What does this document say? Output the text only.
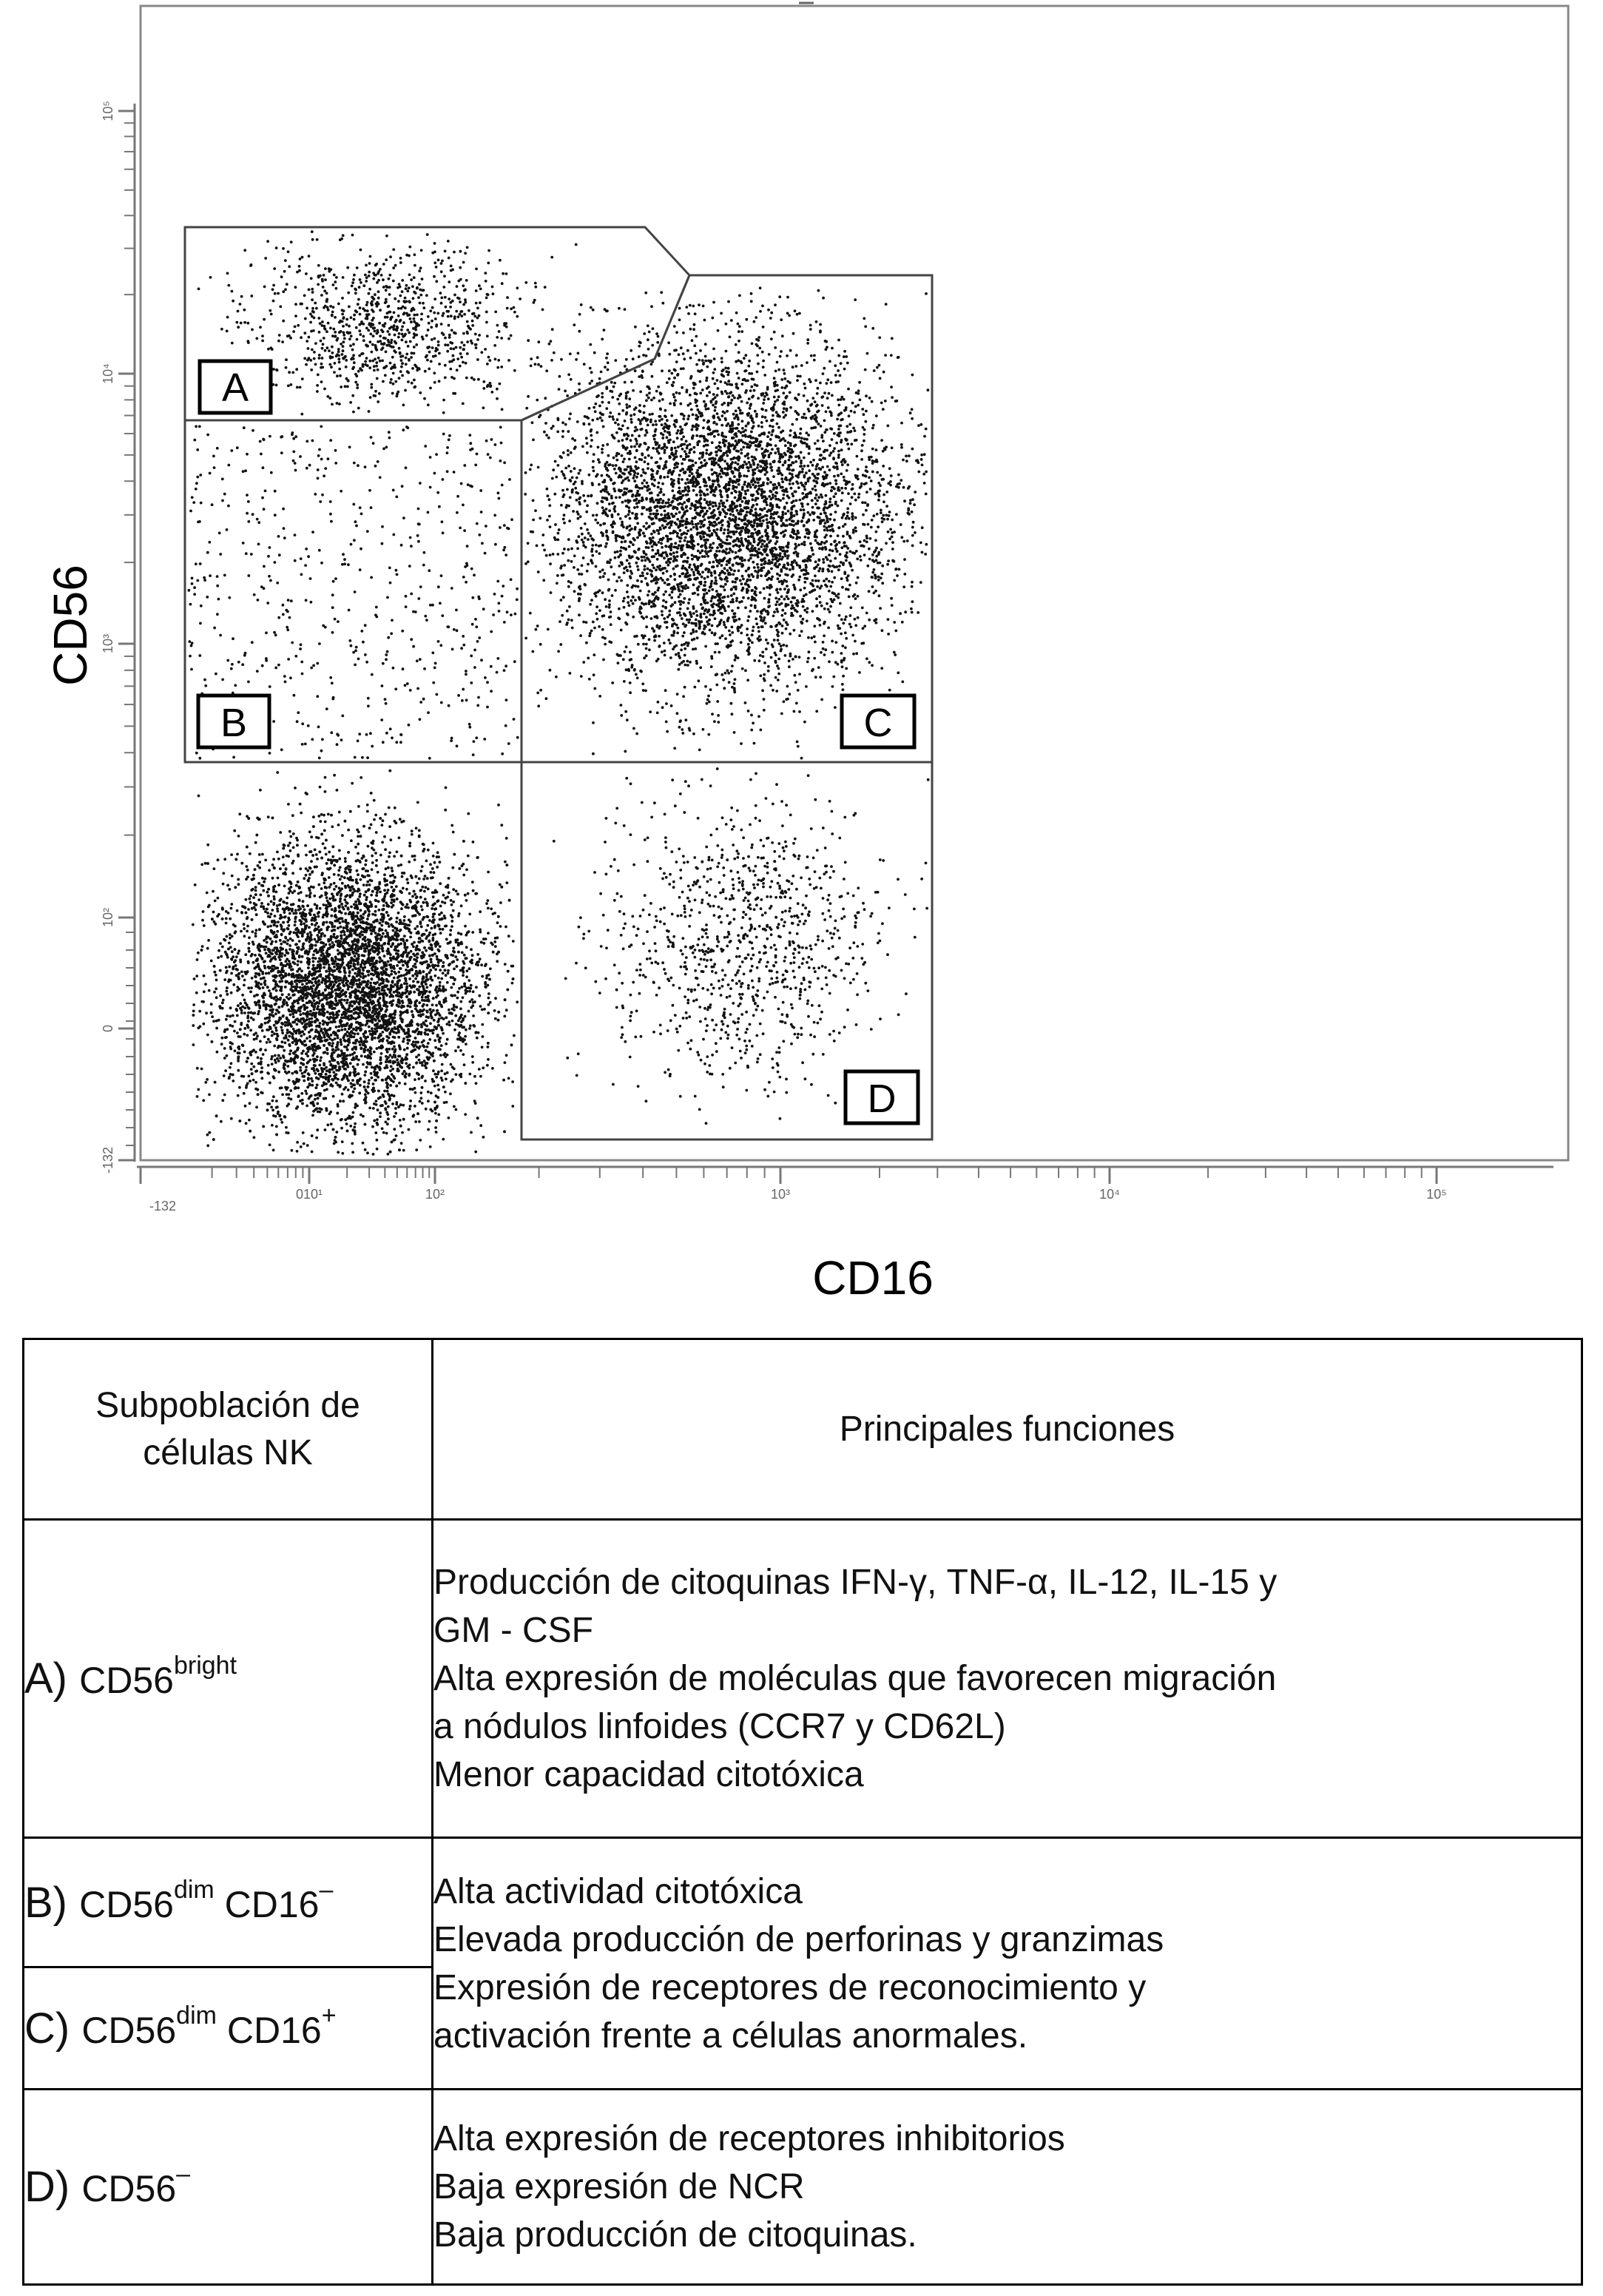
-132
010¹	10²	10³	10⁴	10⁵
-132
0
10²
10³
10⁴
10⁵
A
B	C
D
CD56
CD16
Subpoblación de
células NK	Principales funciones
A) $CD56^{bright}$	Producción de citoquinas IFN-γ, TNF-α, IL-12, IL-15 y
GM - CSF
Alta expresión de moléculas que favorecen migración
a nódulos linfoides (CCR7 y CD62L)
Menor capacidad citotóxica

B) $CD56^{dim}$ CD16–	Alta actividad citotóxica
Elevada producción de perforinas y granzimas
Expresión de receptores de reconocimiento y
activación frente a células anormales.

C) $CD56^{dim}$ CD16+
D) CD56–	Alta expresión de receptores inhibitorios
Baja expresión de NCR
Baja producción de citoquinas.
